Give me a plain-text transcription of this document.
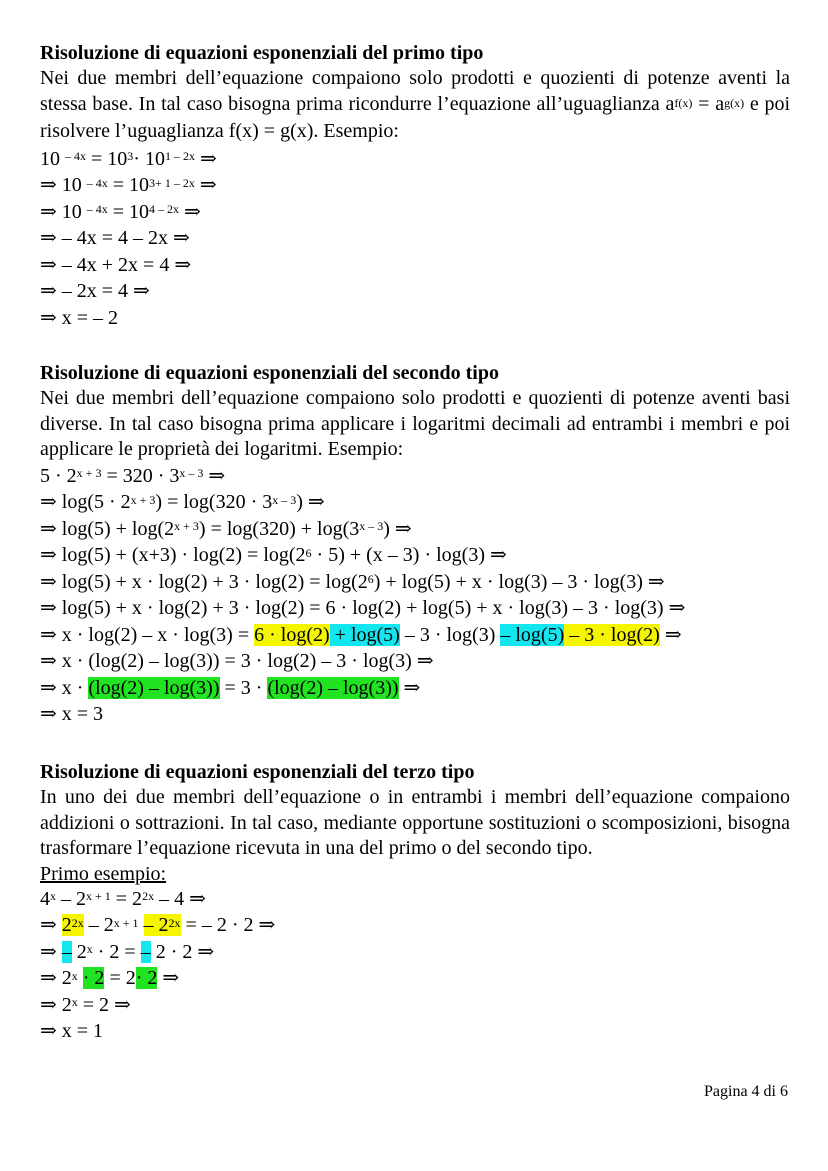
Risoluzione di equazioni esponenziali del primo tipo
Nei due membri dell’equazione compaiono solo prodotti e quozienti di potenze aventi la stessa base. In tal caso bisogna prima ricondurre l’equazione all’uguaglianza $a^{f(x)} = a^{g(x)}$ e poi risolvere l’uguaglianza f(x) = g(x). Esempio:
10 $^{- 4x} = 10^3\cdot 10^{1 - 2x}$ ⇒
⇒ 10 $^{- 4x} = 10^{3+ 1 - 2x}$ ⇒
⇒ 10 $^{- 4x} = 10^{4 - 2x}$ ⇒
⇒ – 4x = 4 – 2x ⇒
⇒ – 4x + 2x = 4 ⇒
⇒ – 2x = 4 ⇒
⇒ x = – 2
Risoluzione di equazioni esponenziali del secondo tipo
Nei due membri dell’equazione compaiono solo prodotti e quozienti di potenze aventi basi diverse. In tal caso bisogna prima applicare i logaritmi decimali ad entrambi i membri e poi applicare le proprietà dei logaritmi. Esempio:
$5 \cdot 2^{x + 3} = 320 \cdot 3^{x - 3}$ ⇒
⇒ $\log(5 \cdot 2^{x + 3}) = \log(320 \cdot 3^{x - 3})$ ⇒
⇒ $\log(5) + \log(2^{x + 3}) = \log(320) + \log(3^{x - 3})$ ⇒
⇒ $\log(5) + (x+3) \cdot \log(2) = \log(2^6 \cdot 5) + (x - 3) \cdot \log(3)$ ⇒
⇒ $\log(5) + x \cdot \log(2) + 3 \cdot \log(2) = \log(2^6) + \log(5) + x \cdot \log(3) - 3 \cdot \log(3)$ ⇒
⇒ log(5) + x · log(2) + 3 · log(2) = 6 · log(2) + log(5) + x · log(3) – 3 · log(3) ⇒
⇒ x · log(2) – x · log(3) = 6 · log(2) + log(5) – 3 · log(3) – log(5) – 3 · log(2) ⇒
⇒ x · (log(2) – log(3)) = 3 · log(2) – 3 · log(3) ⇒
⇒ x · (log(2) – log(3)) = 3 · (log(2) – log(3)) ⇒
⇒ x = 3
Risoluzione di equazioni esponenziali del terzo tipo
In uno dei due membri dell’equazione o in entrambi i membri dell’equazione compaiono addizioni o sottrazioni. In tal caso, mediante opportune sostituzioni o scomposizioni, bisogna trasformare l’equazione ricevuta in una del primo o del secondo tipo.
Primo esempio:
$4^x - 2^{x + 1} = 2^{2x} - 4$ ⇒
⇒ $2^{2x} - 2^{x + 1} - 2^{2x}$ = – 2 · 2 ⇒
⇒ – $2^x \cdot 2$ = – 2 · 2 ⇒
⇒ $2^x \cdot 2 = 2\cdot 2$ ⇒
⇒ $2^x = 2$ ⇒
⇒ x = 1
Pagina 4 di 6
